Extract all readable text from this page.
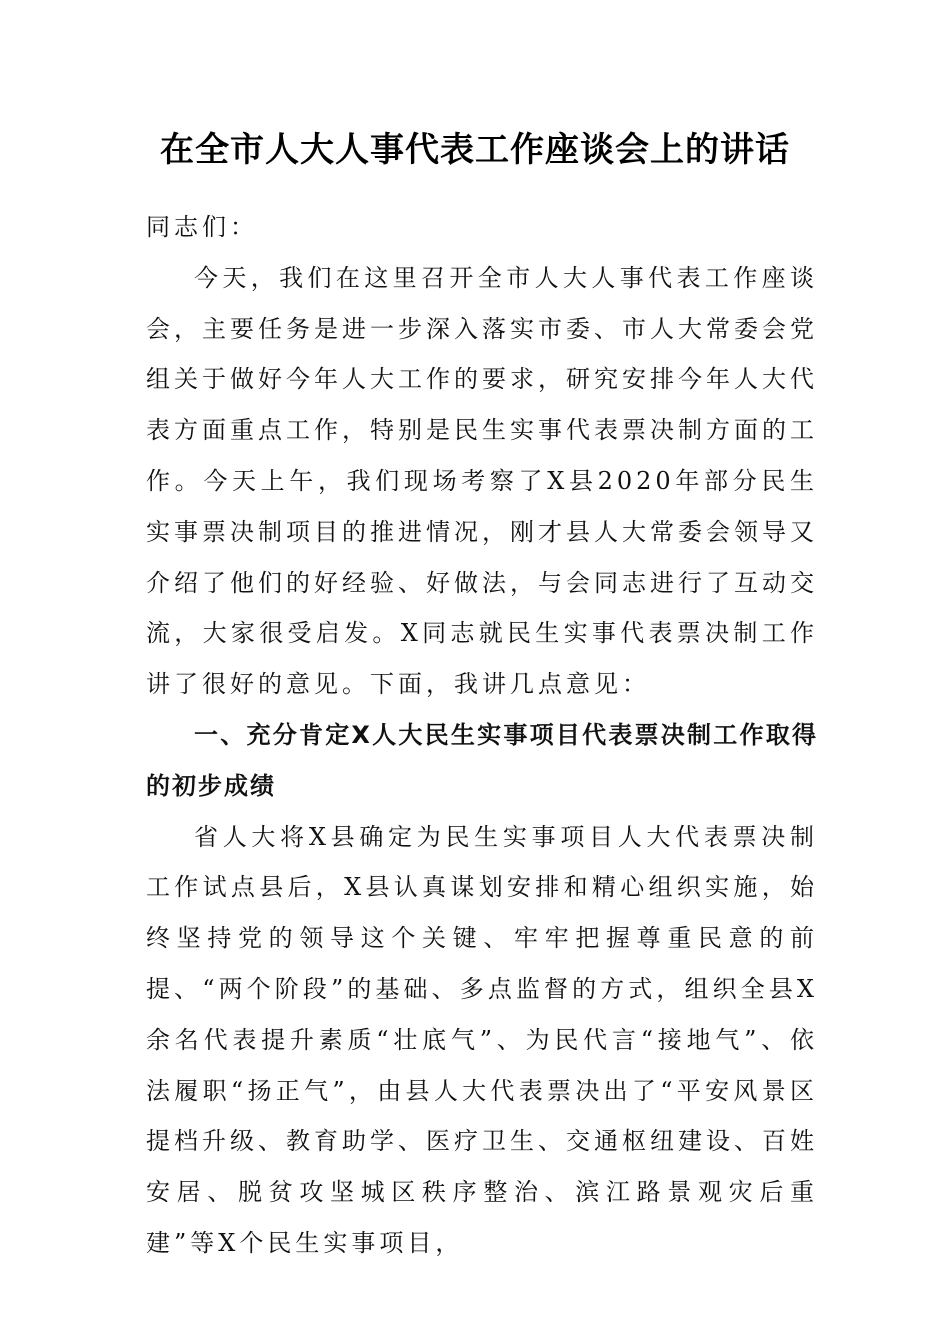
在全市人大人事代表工作座谈会上的讲话

同志们：

今天，我们在这里召开全市人大人事代表工作座谈会，主要任务是进一步深入落实市委、市人大常委会党组关于做好今年人大工作的要求，研究安排今年人大代表方面重点工作，特别是民生实事代表票决制方面的工作。今天上午，我们现场考察了X县2020年部分民生实事票决制项目的推进情况，刚才县人大常委会领导又介绍了他们的好经验、好做法，与会同志进行了互动交流，大家很受启发。X同志就民生实事代表票决制工作讲了很好的意见。下面，我讲几点意见：

一、充分肯定X人大民生实事项目代表票决制工作取得的初步成绩

省人大将X县确定为民生实事项目人大代表票决制工作试点县后，X县认真谋划安排和精心组织实施，始终坚持党的领导这个关键、牢牢把握尊重民意的前提、“两个阶段”的基础、多点监督的方式，组织全县X余名代表提升素质“壮底气”、为民代言“接地气”、依法履职“扬正气”，由县人大代表票决出了“平安风景区提档升级、教育助学、医疗卫生、交通枢纽建设、百姓安居、脱贫攻坚城区秩序整治、滨江路景观灾后重建”等X个民生实事项目，
